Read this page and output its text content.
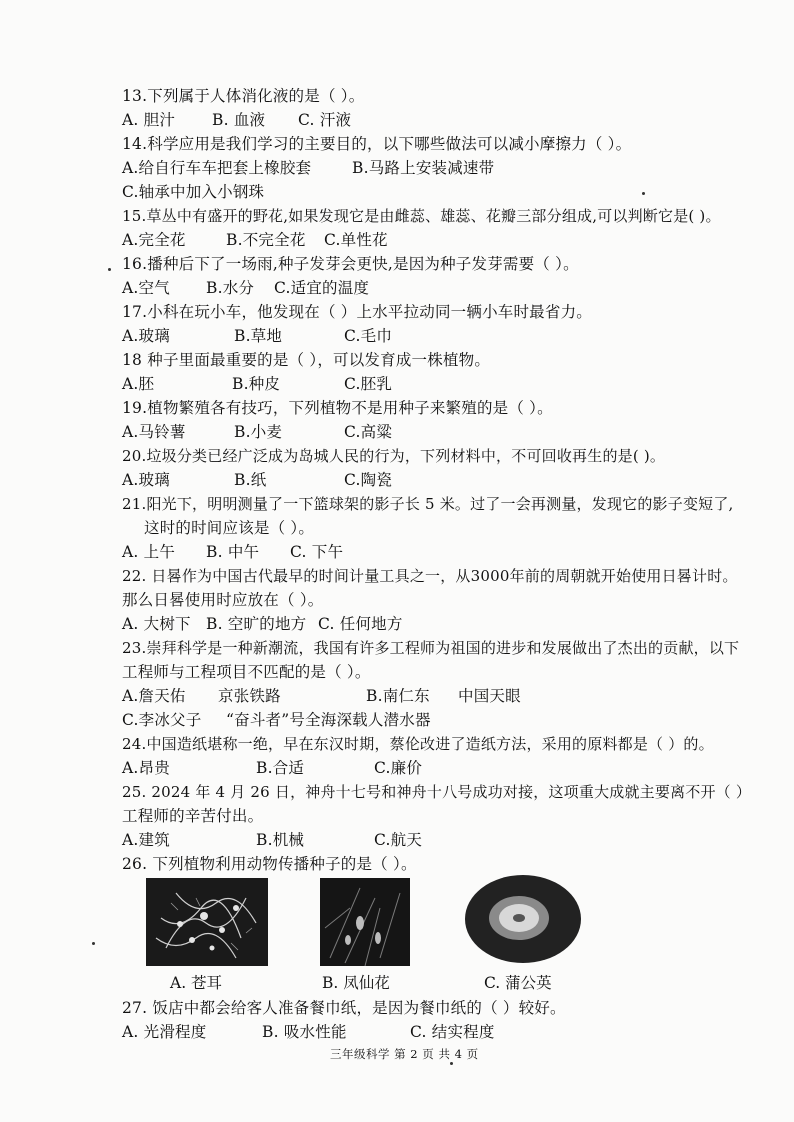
13.下列属于人体消化液的是（ ）。
A. 胆汁 B. 血液 C. 汗液
14.科学应用是我们学习的主要目的，以下哪些做法可以减小摩擦力（ ）。
A.给自行车车把套上橡胶套	B.马路上安装减速带
C.轴承中加入小钢珠
15.草丛中有盛开的野花,如果发现它是由雌蕊、雄蕊、花瓣三部分组成,可以判断它是( )。
A.完全花	B.不完全花 C.单性花
16.播种后下了一场雨,种子发芽会更快,是因为种子发芽需要（ ）。
A.空气 B.水分 C.适宜的温度
17.小科在玩小车，他发现在（ ）上水平拉动同一辆小车时最省力。
A.玻璃	B.草地	C.毛巾
18 种子里面最重要的是（ ），可以发育成一株植物。
A.胚	B.种皮	C.胚乳
19.植物繁殖各有技巧，下列植物不是用种子来繁殖的是（ ）。
A.马铃薯	B.小麦	C.高粱
20.垃圾分类已经广泛成为岛城人民的行为，下列材料中，不可回收再生的是( )。
A.玻璃	B.纸	C.陶瓷
21.阳光下，明明测量了一下篮球架的影子长 5 米。过了一会再测量，发现它的影子变短了,
这时的时间应该是（ ）。
A. 上午 B. 中午 C. 下午
22. 日晷作为中国古代最早的时间计量工具之一，从3000年前的周朝就开始使用日晷计时。
那么日晷使用时应放在（ ）。
A. 大树下 B. 空旷的地方 C. 任何地方
23.崇拜科学是一种新潮流，我国有许多工程师为祖国的进步和发展做出了杰出的贡献，以下
工程师与工程项目不匹配的是（ ）。
A.詹天佑 京张铁路	B.南仁东 中国天眼
C.李冰父子 “奋斗者”号全海深载人潜水器
24.中国造纸堪称一绝，早在东汉时期，蔡伦改进了造纸方法，采用的原料都是（ ）的。
A.昂贵	B.合适	C.廉价
25. 2024 年 4 月 26 日，神舟十七号和神舟十八号成功对接，这项重大成就主要离不开（ ）
工程师的辛苦付出。
A.建筑	B.机械	C.航天
26. 下列植物利用动物传播种子的是（ ）。
A. 苍耳	B. 凤仙花	C. 蒲公英
27. 饭店中都会给客人准备餐巾纸，是因为餐巾纸的（ ）较好。
A. 光滑程度	B. 吸水性能	C. 结实程度
三年级科学 第 2 页 共 4 页
